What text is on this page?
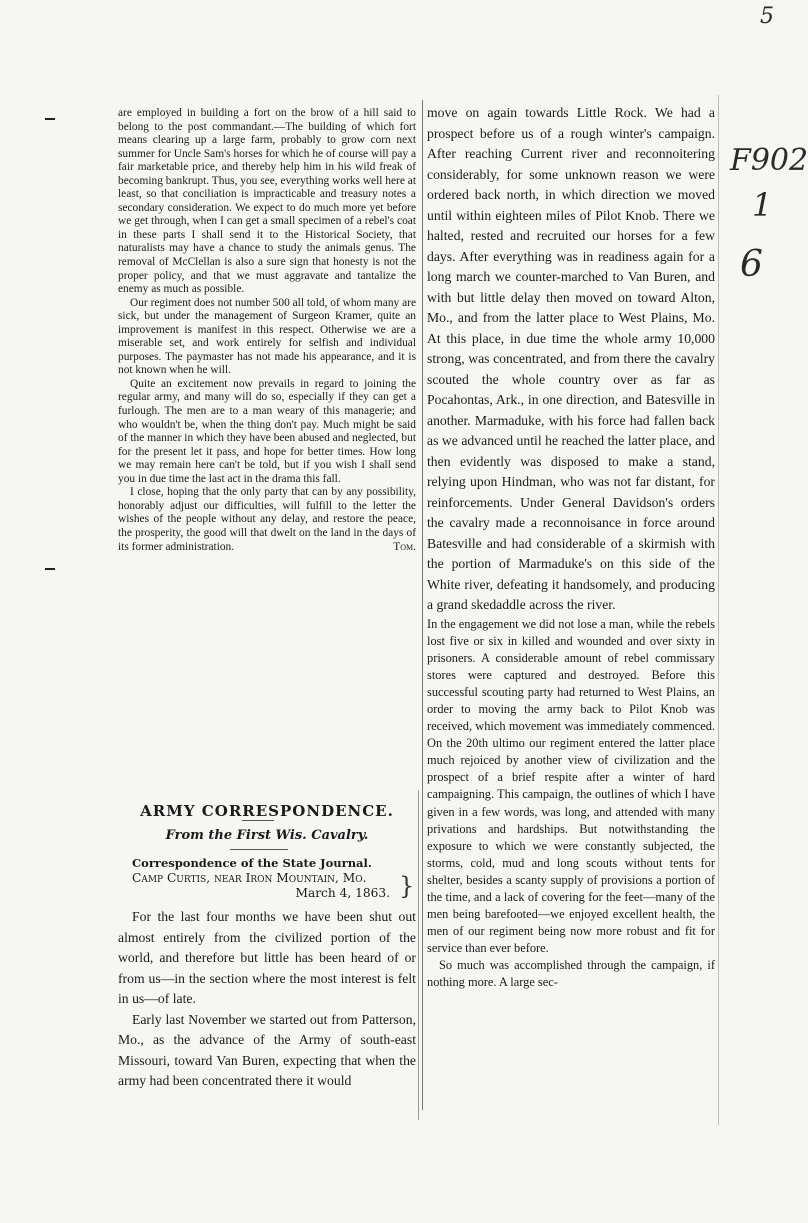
5
F902
1
6

are employed in building a fort on the brow of a hill said to belong to the post commandant.—The building of which fort means clearing up a large farm, probably to grow corn next summer for Uncle Sam's horses for which he of course will pay a fair marketable price, and thereby help him in his wild freak of becoming bankrupt. Thus, you see, everything works well here at least, so that conciliation is impracticable and treasury notes a secondary consideration. We expect to do much more yet before we get through, when I can get a small specimen of a rebel's coat in these parts I shall send it to the Historical Society, that naturalists may have a chance to study the animals genus. The removal of McClellan is also a sure sign that honesty is not the proper policy, and that we must aggravate and tantalize the enemy as much as possible.

Our regiment does not number 500 all told, of whom many are sick, but under the management of Surgeon Kramer, quite an improvement is manifest in this respect. Otherwise we are a miserable set, and work entirely for selfish and individual purposes. The paymaster has not made his appearance, and it is not known when he will.

Quite an excitement now prevails in regard to joining the regular army, and many will do so, especially if they can get a furlough. The men are to a man weary of this managerie; and who wouldn't be, when the thing don't pay. Much might be said of the manner in which they have been abused and neglected, but for the present let it pass, and hope for better times. How long we may remain here can't be told, but if you wish I shall send you in due time the last act in the drama this fall.

I close, hoping that the only party that can by any possibility, honorably adjust our difficulties, will fulfill to the letter the wishes of the people without any delay, and restore the peace, the prosperity, the good will that dwelt on the land in the days of its former administration.	Tom.

ARMY CORRESPONDENCE.
From the First Wis. Cavalry.
Correspondence of the State Journal.
Camp Curtis, near Iron Mountain, Mo.
March 4, 1863. }

For the last four months we have been shut out almost entirely from the civilized portion of the world, and therefore but little has been heard of or from us—in the section where the most interest is felt in us—of late.

Early last November we started out from Patterson, Mo., as the advance of the Army of south-east Missouri, toward Van Buren, expecting that when the army had been concentrated there it would

move on again towards Little Rock. We had a prospect before us of a rough winter's campaign. After reaching Current river and reconnoitering considerably, for some unknown reason we were ordered back north, in which direction we moved until within eighteen miles of Pilot Knob. There we halted, rested and recruited our horses for a few days. After everything was in readiness again for a long march we counter-marched to Van Buren, and with but little delay then moved on toward Alton, Mo., and from the latter place to West Plains, Mo. At this place, in due time the whole army 10,000 strong, was concentrated, and from there the cavalry scouted the whole country over as far as Pocahontas, Ark., in one direction, and Batesville in another. Marmaduke, with his force had fallen back as we advanced until he reached the latter place, and then evidently was disposed to make a stand, relying upon Hindman, who was not far distant, for reinforcements. Under General Davidson's orders the cavalry made a reconnoisance in force around Batesville and had considerable of a skirmish with the portion of Marmaduke's on this side of the White river, defeating it handsomely, and producing a grand skedaddle across the river.

In the engagement we did not lose a man, while the rebels lost five or six in killed and wounded and over sixty in prisoners. A considerable amount of rebel commissary stores were captured and destroyed. Before this successful scouting party had returned to West Plains, an order to moving the army back to Pilot Knob was received, which movement was immediately commenced. On the 20th ultimo our regiment entered the latter place much rejoiced by another view of civilization and the prospect of a brief respite after a winter of hard campaigning. This campaign, the outlines of which I have given in a few words, was long, and attended with many privations and hardships. But notwithstanding the exposure to which we were constantly subjected, the storms, cold, mud and long scouts without tents for shelter, besides a scanty supply of provisions a portion of the time, and a lack of covering for the feet—many of the men being barefooted—we enjoyed excellent health, the men of our regiment being now more robust and fit for service than ever before.

So much was accomplished through the campaign, if nothing more. A large sec-
